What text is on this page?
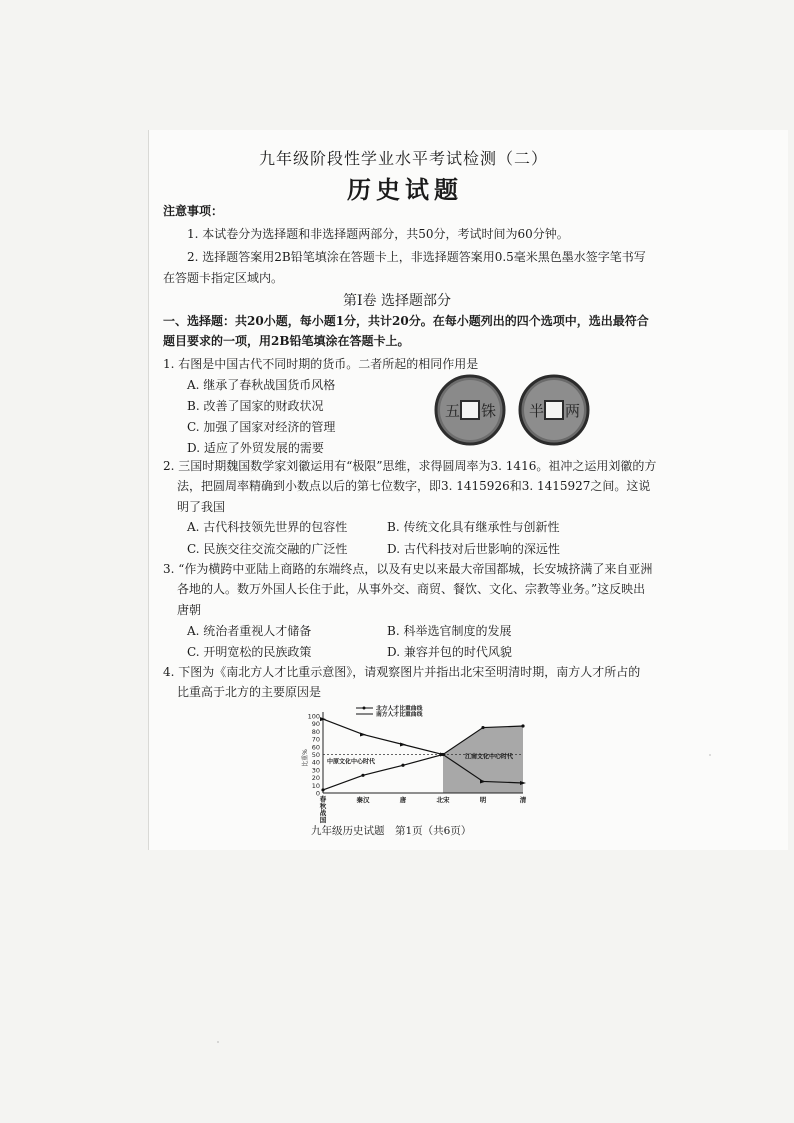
九年级阶段性学业水平考试检测（二）
历史试题
注意事项：
1. 本试卷分为选择题和非选择题两部分，共50分，考试时间为60分钟。
2. 选择题答案用2B铅笔填涂在答题卡上，非选择题答案用0.5毫米黑色墨水签字笔书写
在答题卡指定区域内。
第Ⅰ卷 选择题部分
一、选择题：共20小题，每小题1分，共计20分。在每小题列出的四个选项中，选出最符合
题目要求的一项，用2B铅笔填涂在答题卡上。
1. 右图是中国古代不同时期的货币。二者所起的相同作用是
A. 继承了春秋战国货币风格
B. 改善了国家的财政状况
C. 加强了国家对经济的管理
D. 适应了外贸发展的需要
五 铢 半 两
2. 三国时期魏国数学家刘徽运用有“极限”思维，求得圆周率为3. 1416。祖冲之运用刘徽的方
法，把圆周率精确到小数点以后的第七位数字，即3. 1415926和3. 1415927之间。这说
明了我国
A. 古代科技领先世界的包容性	B. 传统文化具有继承性与创新性
C. 民族交往交流交融的广泛性	D. 古代科技对后世影响的深远性
3. “作为横跨中亚陆上商路的东端终点，以及有史以来最大帝国都城，长安城挤满了来自亚洲
各地的人。数万外国人长住于此，从事外交、商贸、餐饮、文化、宗教等业务。”这反映出
唐朝
A. 统治者重视人才储备	B. 科举选官制度的发展
C. 开明宽松的民族政策	D. 兼容并包的时代风貌
4. 下图为《南北方人才比重示意图》，请观察图片并指出北宋至明清时期，南方人才所占的
比重高于北方的主要原因是
0
10
20
30
40
50
60
70
80
90
100
比重%
春秋战国
秦汉	唐	北宋	明	清
北方人才比重曲线
南方人才比重曲线
中原文化中心时代
江南文化中心时代
九年级历史试题　第1页（共6页）
